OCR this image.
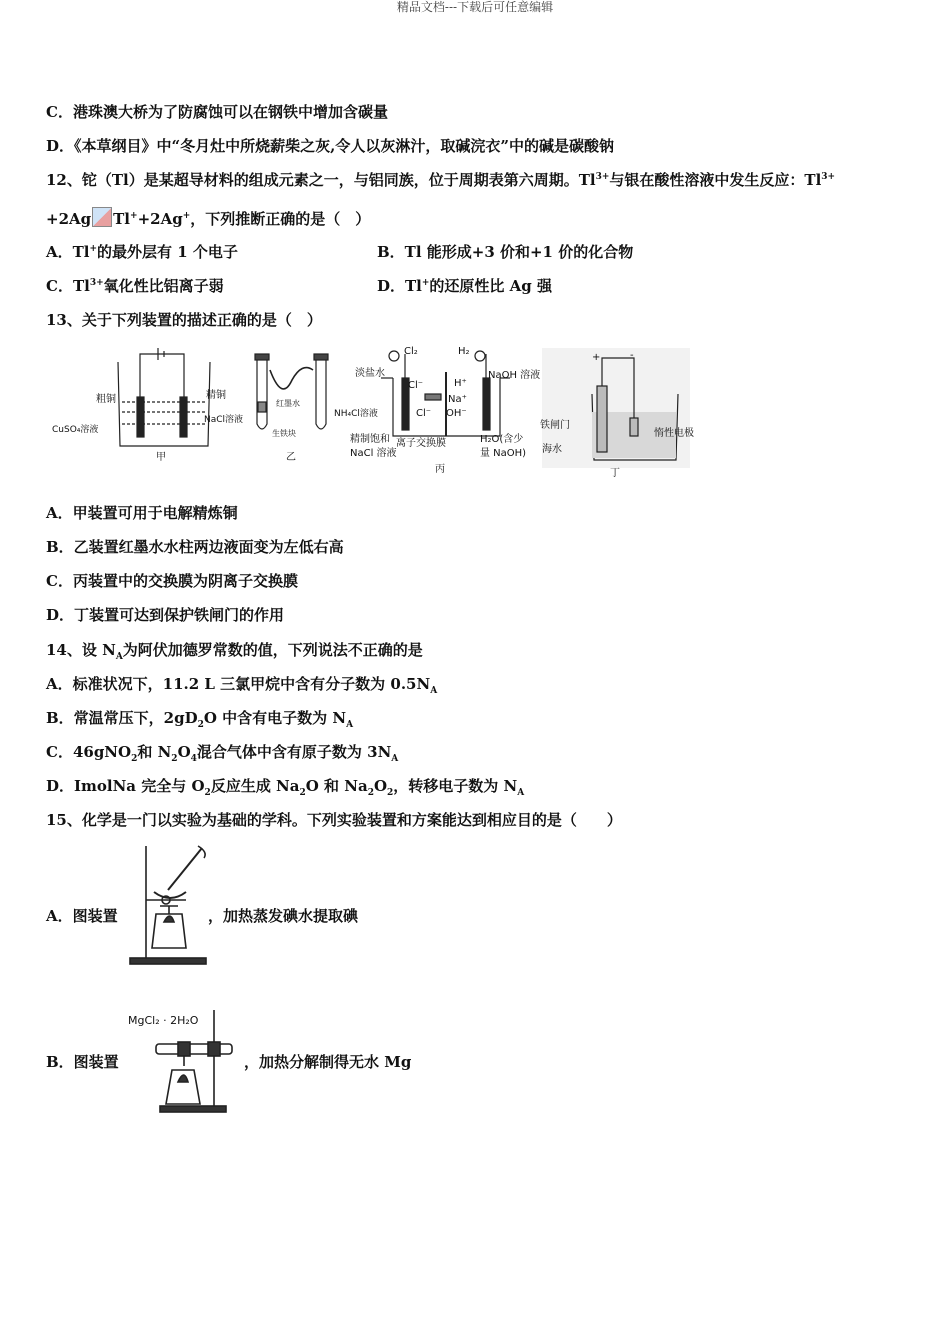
精品文档---下载后可任意编辑
C．港珠澳大桥为了防腐蚀可以在钢铁中增加含碳量
D．《本草纲目》中“冬月灶中所烧薪柴之灰,令人以灰淋汁，取碱浣衣”中的碱是碳酸钠
12、铊（Tl）是某超导材料的组成元素之一，与铝同族，位于周期表第六周期。$Tl^{3+}$与银在酸性溶液中发生反应：$Tl^{3+}$
+2Ag Tl++2Ag+，下列推断正确的是（　）
A．Tl+的最外层有 1 个电子	B．Tl 能形成+3 价和+1 价的化合物
C．$Tl^{3+}$氧化性比铝离子弱	D．Tl+的还原性比 Ag 强
13、关于下列装置的描述正确的是（　）
粗铜	精铜
CuSO₄溶液
甲
红墨水
NaCl溶液
生铁块
NH₄Cl溶液
乙
Cl₂	H₂
淡盐水	NaOH 溶液
Cl⁻	H⁺
Na⁺
Cl⁻ OH⁻
精制饱和
NaCl 溶液
离子交换膜	H₂O(含少
量 NaOH)
丙
+	-
铁闸门
惰性电极
海水
丁
A．甲装置可用于电解精炼铜
B．乙装置红墨水水柱两边液面变为左低右高
C．丙装置中的交换膜为阴离子交换膜
D．丁装置可达到保护铁闸门的作用
14、设 $N_A$为阿伏加德罗常数的值，下列说法不正确的是
A．标准状况下，11.2 L 三氯甲烷中含有分子数为 $0.5N_A$
B．常温常压下，$2gD_2O$ 中含有电子数为 $N_A$
C．46gNO$_2$和 $N_2O_4$混合气体中含有原子数为 $3N_A$
D．ImolNa 完全与 $O_2$反应生成 $Na_2O$ 和 $Na_2O_2$，转移电子数为 $N_A$
15、化学是一门以实验为基础的学科。下列实验装置和方案能达到相应目的是（　　）
A．图装置	，加热蒸发碘水提取碘
B．图装置
MgCl₂ · 2H₂O
，加热分解制得无水 Mg
